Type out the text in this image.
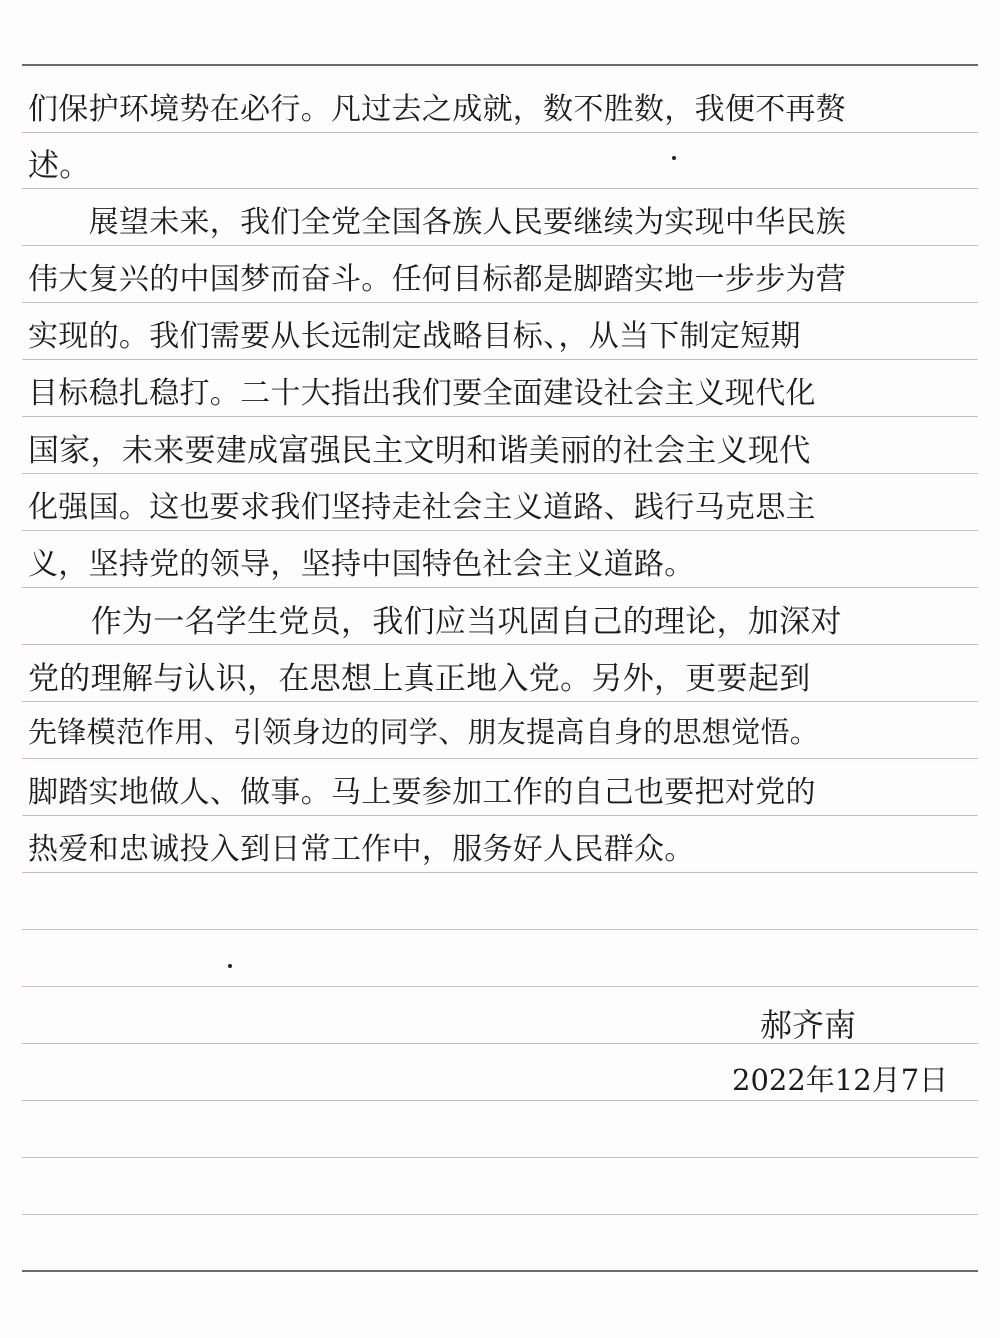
们保护环境势在必行。凡过去之成就，数不胜数，我便不再赘
述。
　　展望未来，我们全党全国各族人民要继续为实现中华民族
伟大复兴的中国梦而奋斗。任何目标都是脚踏实地一步步为营
实现的。我们需要从长远制定战略目标、，从当下制定短期
目标稳扎稳打。二十大指出我们要全面建设社会主义现代化
国家，未来要建成富强民主文明和谐美丽的社会主义现代
化强国。这也要求我们坚持走社会主义道路、践行马克思主
义，坚持党的领导，坚持中国特色社会主义道路。
　　作为一名学生党员，我们应当巩固自己的理论，加深对
党的理解与认识，在思想上真正地入党。另外，更要起到
先锋模范作用、引领身边的同学、朋友提高自身的思想觉悟。
脚踏实地做人、做事。马上要参加工作的自己也要把对党的
热爱和忠诚投入到日常工作中，服务好人民群众。
郝齐南
2022年12月7日
